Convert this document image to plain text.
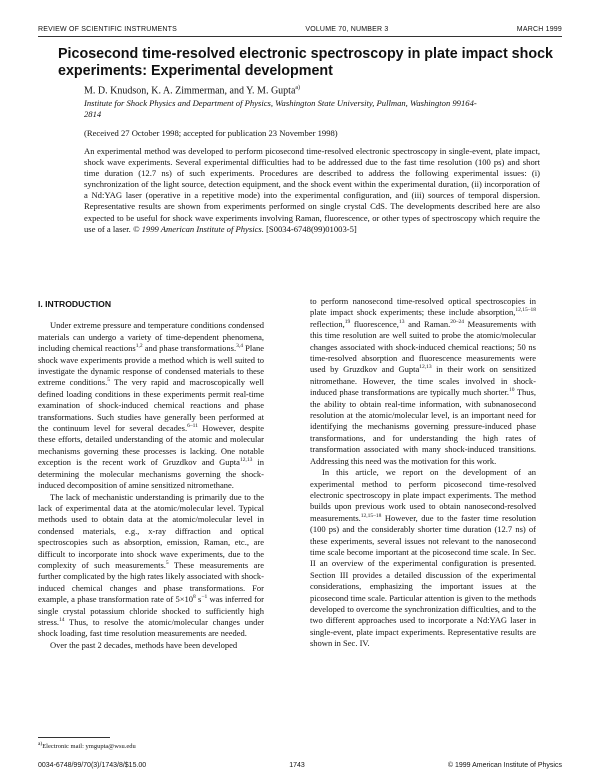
REVIEW OF SCIENTIFIC INSTRUMENTS	VOLUME 70, NUMBER 3	MARCH 1999
Picosecond time-resolved electronic spectroscopy in plate impact shock experiments: Experimental development
M. D. Knudson, K. A. Zimmerman, and Y. M. Gupta$^{a)}$
Institute for Shock Physics and Department of Physics, Washington State University, Pullman, Washington 99164-2814
(Received 27 October 1998; accepted for publication 23 November 1998)

An experimental method was developed to perform picosecond time-resolved electronic spectroscopy in single-event, plate impact, shock wave experiments. Several experimental difficulties had to be addressed due to the fast time resolution (100 ps) and short time duration (12.7 ns) of such experiments. Procedures are described to address the following experimental issues: (i) synchronization of the light source, detection equipment, and the shock event within the experimental duration, (ii) incorporation of a Nd:YAG laser (operative in a repetitive mode) into the experimental configuration, and (iii) sources of temporal dispersion. Representative results are shown from experiments performed on single crystal CdS. The developments described here are also expected to be useful for shock wave experiments involving Raman, fluorescence, or other types of spectroscopy which require the use of a laser. © 1999 American Institute of Physics. [S0034-6748(99)01003-5]

I. INTRODUCTION

Under extreme pressure and temperature conditions condensed materials can undergo a variety of time-dependent phenomena, including chemical reactions$^{1,2}$ and phase transformations.$^{3,4}$ Plane shock wave experiments provide a method which is well suited to investigate the dynamic response of condensed materials to these extreme conditions.$^5$ The very rapid and macroscopically well defined loading conditions in these experiments permit real-time examination of shock-induced chemical reactions and phase transformations. Such studies have generally been performed at the continuum level for several decades.$^{6-11}$ However, despite these efforts, detailed understanding of the atomic and molecular mechanisms governing these processes is lacking. One notable exception is the recent work of Gruzdkov and Gupta$^{12,13}$ in determining the molecular mechanisms governing the shock-induced decomposition of amine sensitized nitromethane.

The lack of mechanistic understanding is primarily due to the lack of experimental data at the atomic/molecular level. Typical methods used to obtain data at the atomic/molecular level in condensed materials, e.g., x-ray diffraction and optical spectroscopies such as absorption, emission, Raman, etc., are difficult to incorporate into shock wave experiments, due to the complexity of such measurements.$^5$ These measurements are further complicated by the high rates likely associated with shock-induced chemical changes and phase transformations. For example, a phase transformation rate of $5\times 10^8$ $s^{-1}$ was inferred for single crystal potassium chloride shocked to sufficiently high stress.$^{14}$ Thus, to resolve the atomic/molecular changes under shock loading, fast time resolution measurements are needed.

Over the past 2 decades, methods have been developed

to perform nanosecond time-resolved optical spectroscopies in plate impact shock experiments; these include absorption,$^{12,15-18}$ reflection,$^{19}$ fluorescence,$^{13}$ and Raman.$^{20-24}$ Measurements with this time resolution are well suited to probe the atomic/molecular changes associated with shock-induced chemical reactions; 50 ns time-resolved absorption and fluorescence measurements were used by Gruzdkov and Gupta$^{12,13}$ in their work on sensitized nitromethane. However, the time scales involved in shock-induced phase transformations are typically much shorter.$^{10}$ Thus, the ability to obtain real-time information, with subnanosecond resolution at the atomic/molecular level, is an important need for identifying the mechanisms governing pressure-induced phase transformations, and for understanding the high rates of transformation associated with many shock-induced transitions. Addressing this need was the motivation for this work.

In this article, we report on the development of an experimental method to perform picosecond time-resolved electronic spectroscopy in plate impact experiments. The method builds upon previous work used to obtain nanosecond-resolved measurements.$^{12,15-18}$ However, due to the faster time resolution (100 ps) and the considerably shorter time duration (12.7 ns) of these experiments, several issues not relevant to the nanosecond time scale become important at the picosecond time scale. In Sec. II an overview of the experimental configuration is presented. Section III provides a detailed discussion of the experimental considerations, emphasizing the important issues at the picosecond time scale. Particular attention is given to the methods developed to overcome the synchronization difficulties, and to the two different approaches used to incorporate a Nd:YAG laser in single-event, plate impact experiments. Representative results are shown in Sec. IV.

$^{a)}$Electronic mail: ymgupta@wsu.edu
0034-6748/99/70(3)/1743/8/$15.00	1743	© 1999 American Institute of Physics
